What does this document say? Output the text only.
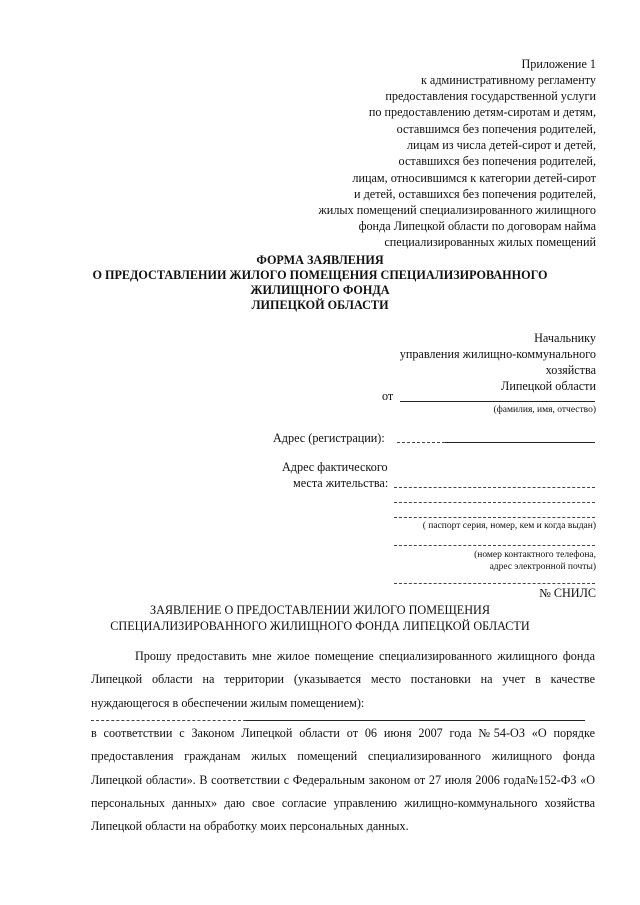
Приложение 1
к административному регламенту
предоставления государственной услуги
по предоставлению детям-сиротам и детям,
оставшимся без попечения родителей,
лицам из числа детей-сирот и детей,
оставшихся без попечения родителей,
лицам, относившимся к категории детей-сирот
и детей, оставшихся без попечения родителей,
жилых помещений специализированного жилищного
фонда Липецкой области по договорам найма
специализированных жилых помещений
ФОРМА ЗАЯВЛЕНИЯ
О ПРЕДОСТАВЛЕНИИ ЖИЛОГО ПОМЕЩЕНИЯ СПЕЦИАЛИЗИРОВАННОГО
ЖИЛИЩНОГО ФОНДА
ЛИПЕЦКОЙ ОБЛАСТИ
Начальнику
управления жилищно-коммунального
хозяйства
Липецкой области
от
(фамилия, имя, отчество)
Адрес (регистрации):
Адрес фактического
места жительства:
( паспорт серия, номер, кем и когда выдан)
(номер контактного телефона,
адрес электронной почты)
№ СНИЛС
ЗАЯВЛЕНИЕ О ПРЕДОСТАВЛЕНИИ ЖИЛОГО ПОМЕЩЕНИЯ
СПЕЦИАЛИЗИРОВАННОГО ЖИЛИЩНОГО ФОНДА ЛИПЕЦКОЙ ОБЛАСТИ
Прошу предоставить мне жилое помещение специализированного жилищного фонда Липецкой области на территории (указывается место постановки на учет в качестве нуждающегося в обеспечении жилым помещением):
в соответствии с Законом Липецкой области от 06 июня 2007 года №54-ОЗ «О порядке предоставления гражданам жилых помещений специализированного жилищного фонда Липецкой области». В соответствии с Федеральным законом от 27 июля 2006 года№152-ФЗ «О персональных данных» даю свое согласие управлению жилищно-коммунального хозяйства Липецкой области на обработку моих персональных данных.
